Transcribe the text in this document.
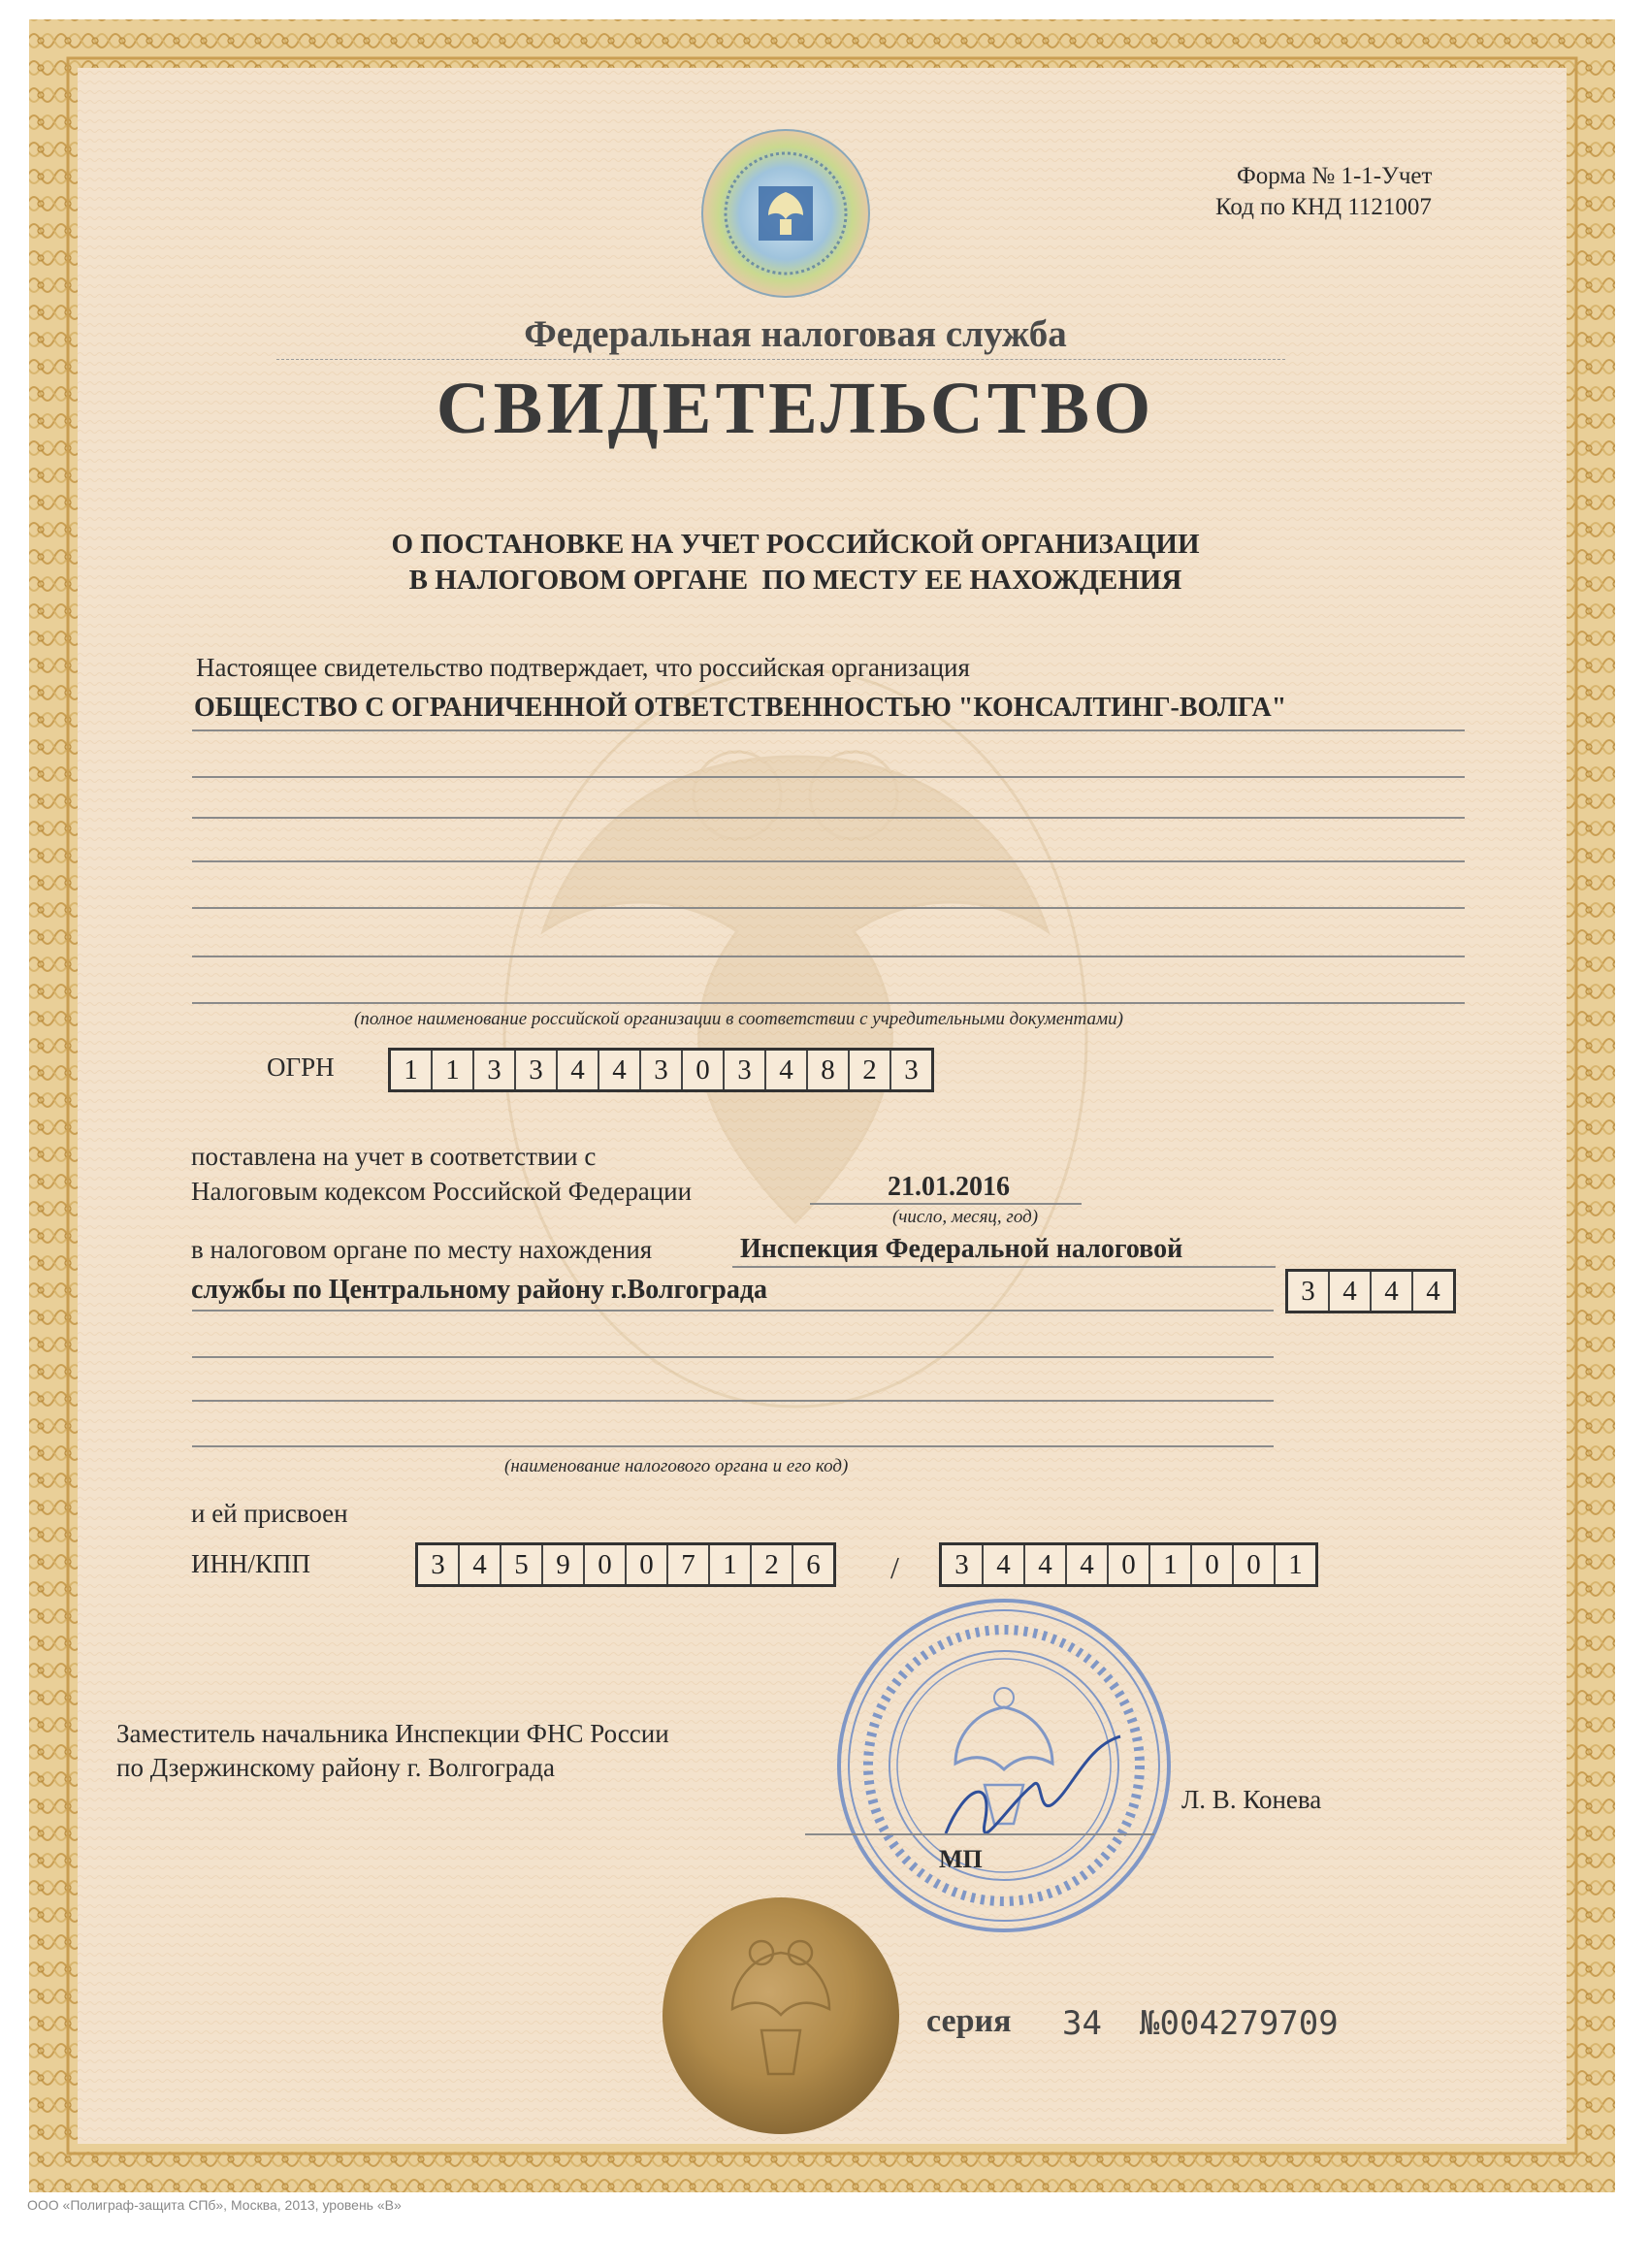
Форма № 1-1-Учет
Код по КНД 1121007
Федеральная налоговая служба
СВИДЕТЕЛЬСТВО
О ПОСТАНОВКЕ НА УЧЕТ РОССИЙСКОЙ ОРГАНИЗАЦИИ
В НАЛОГОВОМ ОРГАНЕ  ПО МЕСТУ ЕЕ НАХОЖДЕНИЯ
Настоящее свидетельство подтверждает, что российская организация
ОБЩЕСТВО С ОГРАНИЧЕННОЙ ОТВЕТСТВЕННОСТЬЮ "КОНСАЛТИНГ-ВОЛГА"
(полное наименование российской организации в соответствии с учредительными документами)
ОГРН	1 1 3 3 4 4 3 0 3 4 8 2 3
поставлена на учет в соответствии с
Налоговым кодексом Российской Федерации	21.01.2016
(число, месяц, год)
в налоговом органе по месту нахождения	Инспекция Федеральной налоговой
службы по Центральному району г.Волгограда	3 4 4 4
(наименование налогового органа и его код)
и ей присвоен
ИНН/КПП	3 4 5 9 0 0 7 1 2 6	/	3 4 4 4 0 1 0 0 1
Заместитель начальника Инспекции ФНС России
по Дзержинскому району г. Волгограда
Л. В. Конева
МП
серия 34 №004279709
ООО «Полиграф-защита СПб», Москва, 2013, уровень «В»
